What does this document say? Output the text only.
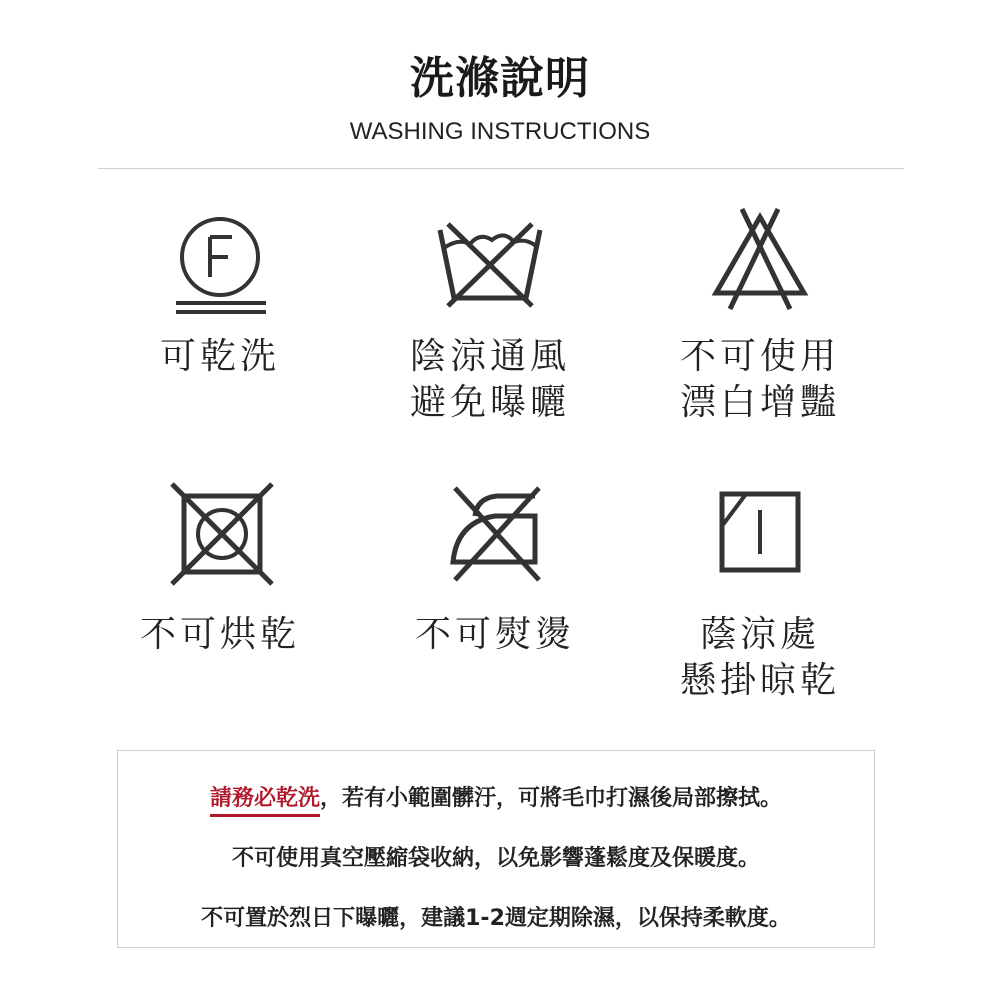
洗滌說明
WASHING INSTRUCTIONS
可乾洗	陰涼通風
避免曝曬
不可使用
漂白增豔
不可烘乾	不可熨燙	蔭涼處
懸掛晾乾
請務必乾洗，若有小範圍髒汙，可將毛巾打濕後局部擦拭。
不可使用真空壓縮袋收納，以免影響蓬鬆度及保暖度。
不可置於烈日下曝曬，建議1-2週定期除濕，以保持柔軟度。
